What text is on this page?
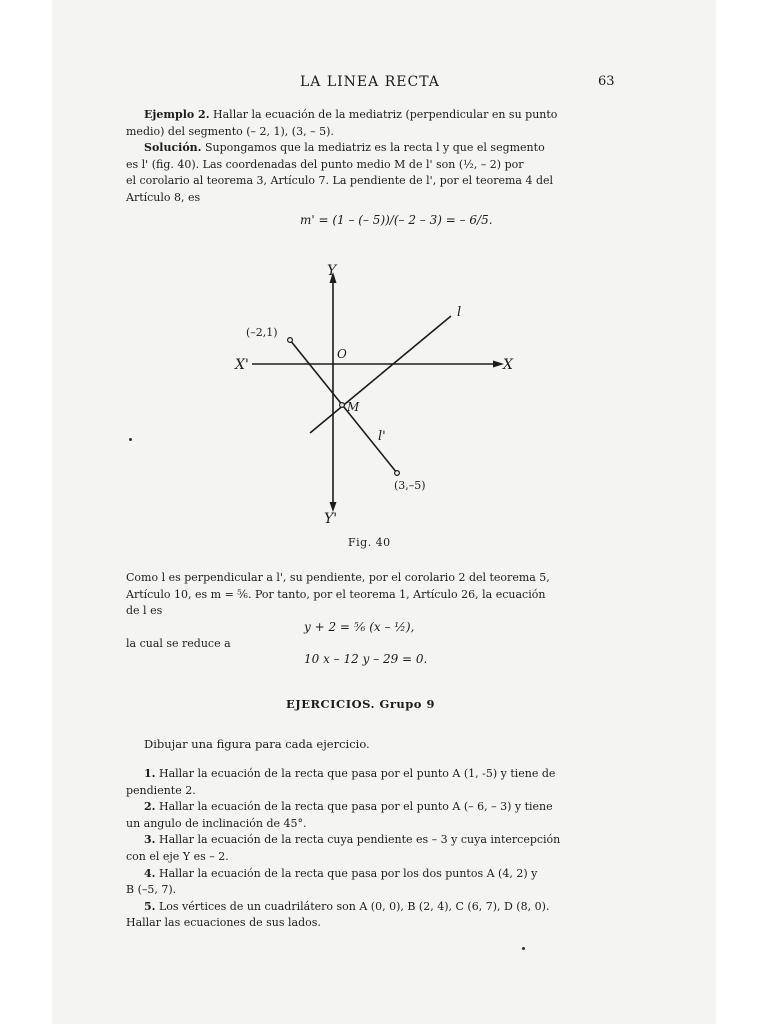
LA LINEA RECTA	63
Ejemplo 2. Hallar la ecuación de la mediatriz (perpendicular en su punto
medio) del segmento (– 2, 1), (3, – 5).
Solución. Supongamos que la mediatriz es la recta l y que el segmento
es l' (fig. 40). Las coordenadas del punto medio M de l' son (½, – 2) por
el corolario al teorema 3, Artículo 7. La pendiente de l', por el teorema 4 del
Artículo 8, es
m' = (1 – (– 5))/(– 2 – 3) = – 6/5.
Y
Y'
X'	X
O
(–2,1)
(3,–5)
M
l
l'
Fig. 40
Como l es perpendicular a l', su pendiente, por el corolario 2 del teorema 5,
Artículo 10, es m = ⅚. Por tanto, por el teorema 1, Artículo 26, la ecuación
de l es
y + 2 = ⅚ (x – ½),
la cual se reduce a
10 x – 12 y – 29 = 0.
EJERCICIOS. Grupo 9
Dibujar una figura para cada ejercicio.
1. Hallar la ecuación de la recta que pasa por el punto A (1, -5) y tiene de
pendiente 2.
2. Hallar la ecuación de la recta que pasa por el punto A (– 6, – 3) y tiene
un angulo de inclinación de 45°.
3. Hallar la ecuación de la recta cuya pendiente es – 3 y cuya intercepción
con el eje Y es – 2.
4. Hallar la ecuación de la recta que pasa por los dos puntos A (4, 2) y
B (–5, 7).
5. Los vértices de un cuadrilátero son A (0, 0), B (2, 4), C (6, 7), D (8, 0).
Hallar las ecuaciones de sus lados.
